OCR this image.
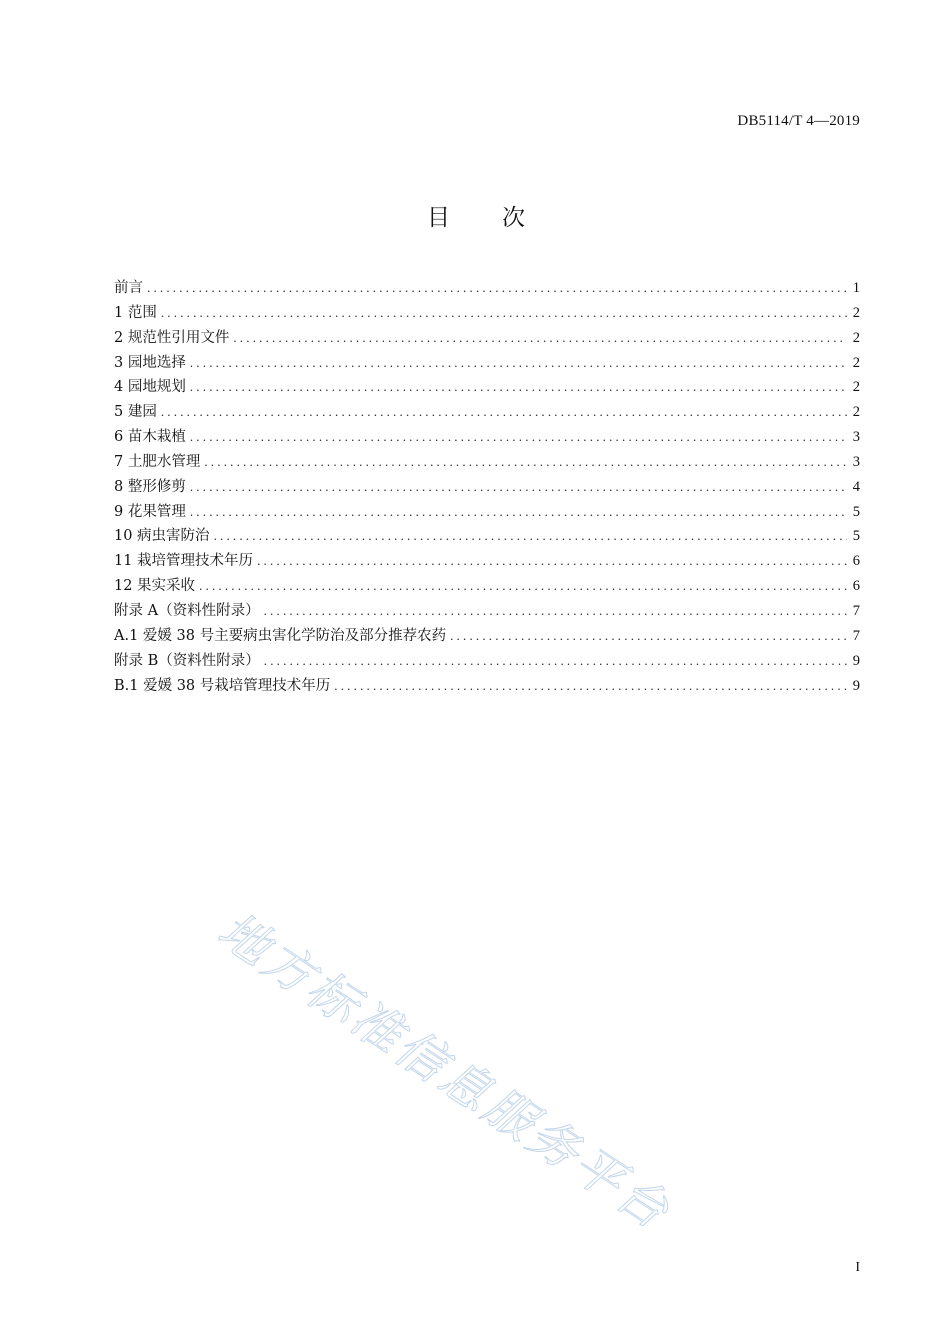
DB5114/T 4—2019
目次
前言 .....	1
1 范围 .....	2
2 规范性引用文件 .....	2
3 园地选择 .....	2
4 园地规划 .....	2
5 建园 .....	2
6 苗木栽植 .....	3
7 土肥水管理 .....	3
8 整形修剪 .....	4
9 花果管理 .....	5
10 病虫害防治 .....	5
11 栽培管理技术年历 .....	6
12 果实采收 .....	6
附录 A（资料性附录） .....	7
A.1 爱媛 38 号主要病虫害化学防治及部分推荐农药 .....	7
附录 B（资料性附录） .....	9
B.1 爱媛 38 号栽培管理技术年历 .....	9
地方标准信息服务平台
I
